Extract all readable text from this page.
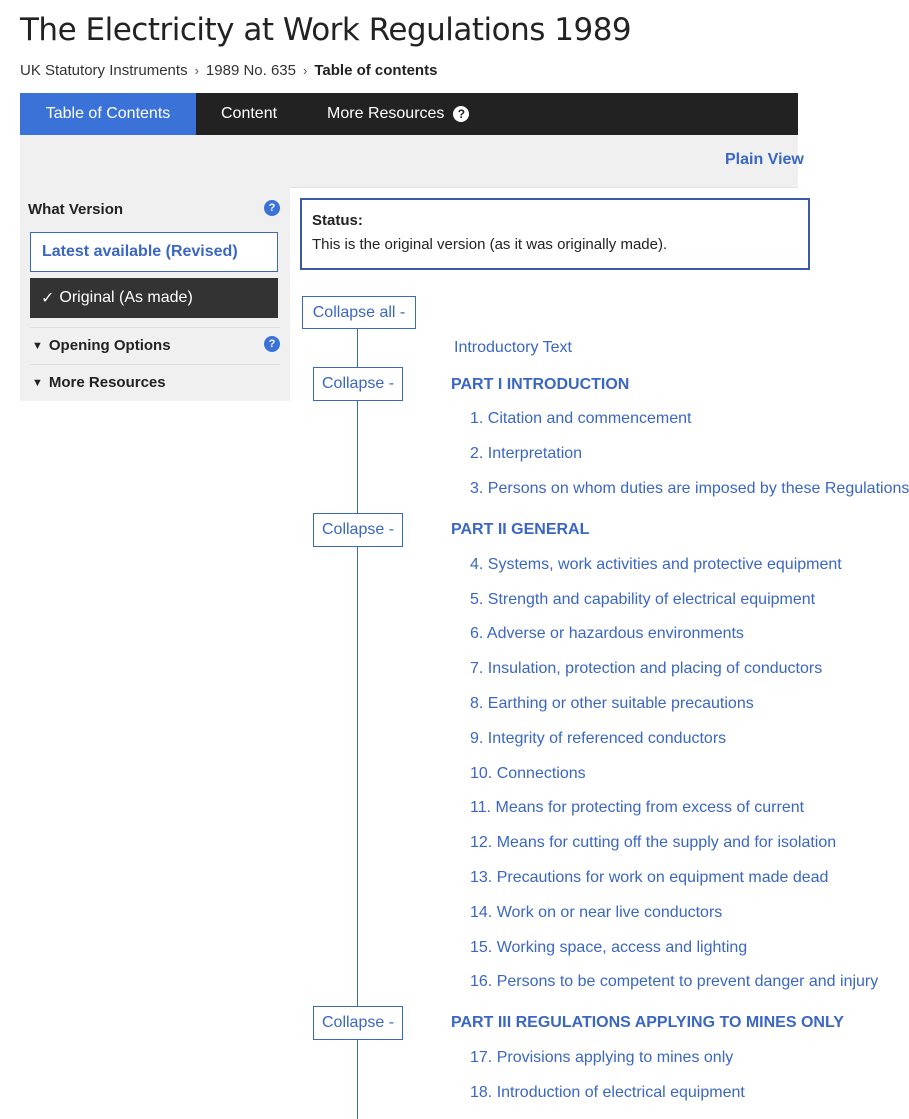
The Electricity at Work Regulations 1989
UK Statutory Instruments › 1989 No. 635 › Table of contents
Table of Contents	Content	More Resources	?
Plain View
What Version	?
Latest available (Revised)
✓ Original (As made)
▼ Opening Options	?
▼ More Resources
Status:
This is the original version (as it was originally made).
Collapse all -
Introductory Text
Collapse -	PART I INTRODUCTION
1. Citation and commencement
2. Interpretation
3. Persons on whom duties are imposed by these Regulations
Collapse -	PART II GENERAL
4. Systems, work activities and protective equipment
5. Strength and capability of electrical equipment
6. Adverse or hazardous environments
7. Insulation, protection and placing of conductors
8. Earthing or other suitable precautions
9. Integrity of referenced conductors
10. Connections
11. Means for protecting from excess of current
12. Means for cutting off the supply and for isolation
13. Precautions for work on equipment made dead
14. Work on or near live conductors
15. Working space, access and lighting
16. Persons to be competent to prevent danger and injury
Collapse -	PART III REGULATIONS APPLYING TO MINES ONLY
17. Provisions applying to mines only
18. Introduction of electrical equipment
